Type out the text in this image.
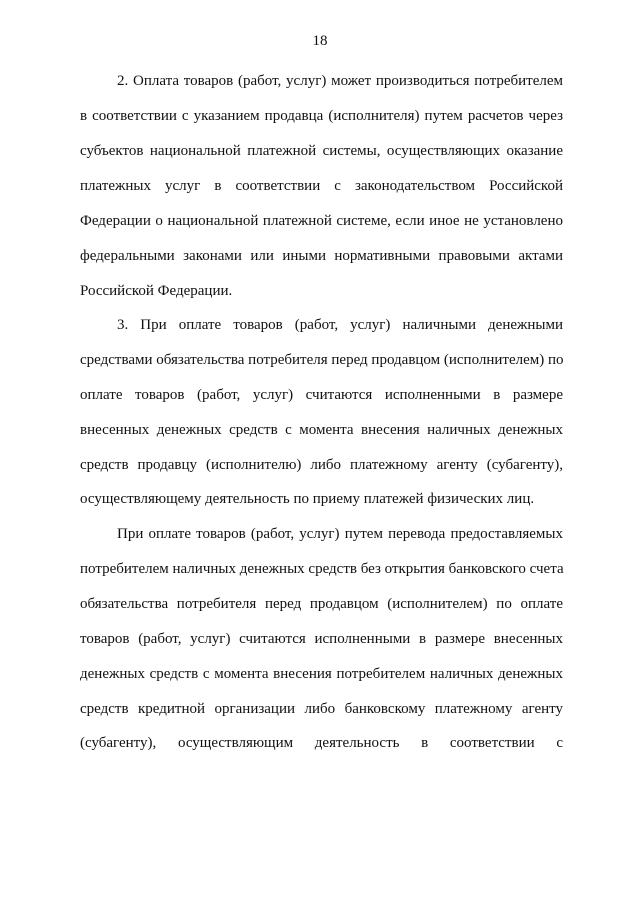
18
2. Оплата товаров (работ, услуг) может производиться потребителем
в соответствии с указанием продавца (исполнителя) путем расчетов через
субъектов национальной платежной системы, осуществляющих оказание
платежных услуг в соответствии с законодательством Российской
Федерации о национальной платежной системе, если иное не установлено
федеральными законами или иными нормативными правовыми актами
Российской Федерации.
3. При оплате товаров (работ, услуг) наличными денежными
средствами обязательства потребителя перед продавцом (исполнителем) по
оплате товаров (работ, услуг) считаются исполненными в размере
внесенных денежных средств с момента внесения наличных денежных
средств продавцу (исполнителю) либо платежному агенту (субагенту),
осуществляющему деятельность по приему платежей физических лиц.
При оплате товаров (работ, услуг) путем перевода предоставляемых
потребителем наличных денежных средств без открытия банковского счета
обязательства потребителя перед продавцом (исполнителем) по оплате
товаров (работ, услуг) считаются исполненными в размере внесенных
денежных средств с момента внесения потребителем наличных денежных
средств кредитной организации либо банковскому платежному агенту
(субагенту), осуществляющим деятельность в соответствии с
